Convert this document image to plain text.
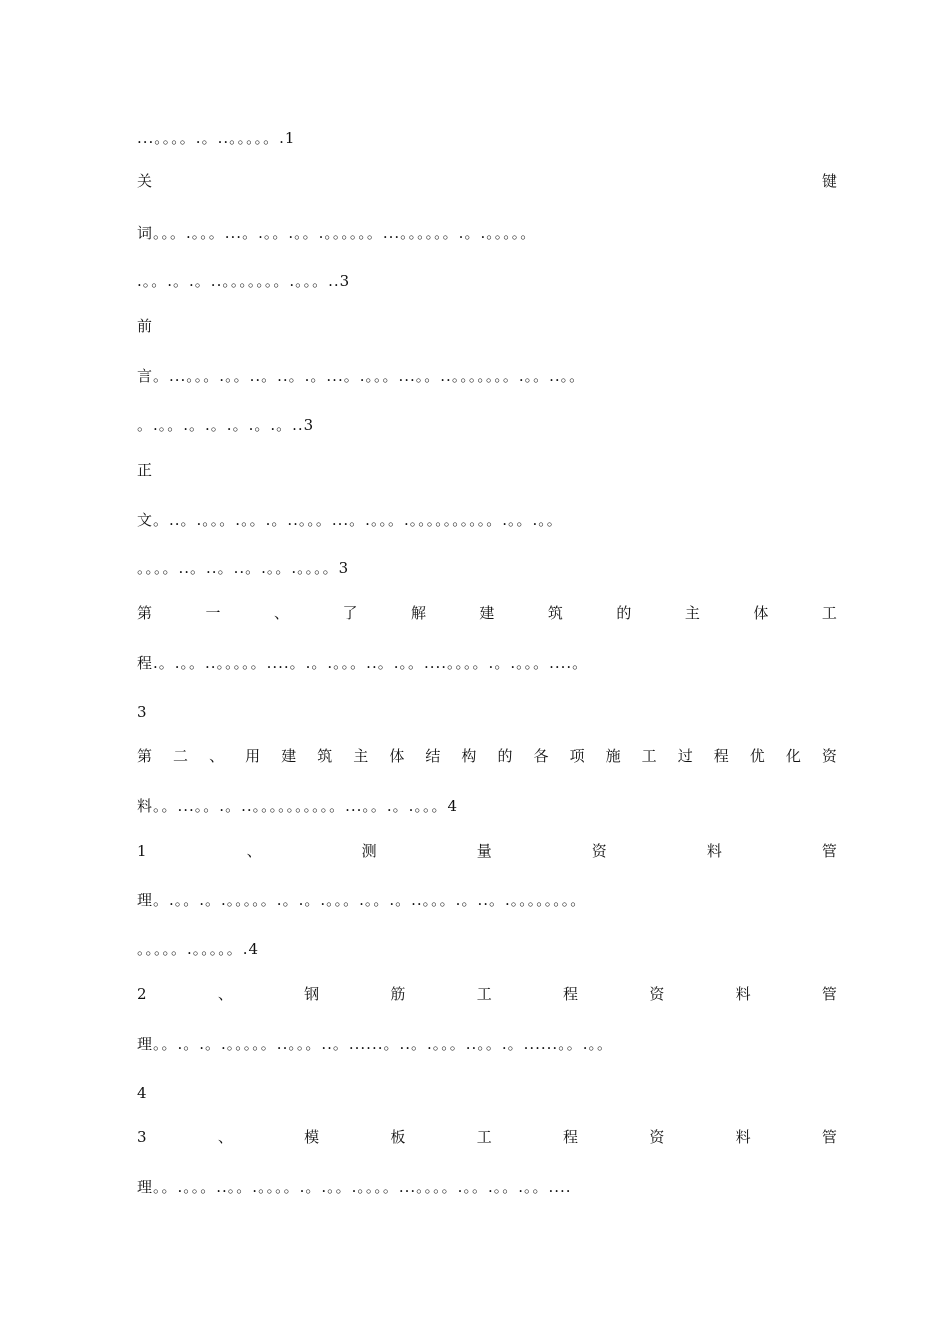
...。。。。.。..。。。。。.1
关	键
词。。。.。。。...。.。。.。。.。。。。。。...。。。。。。.。.。。。。。
.。。.。.。..。。。。。。。.。。。..3
前
言。...。。。.。。..。..。.。...。.。。。...。。..。。。。。。。.。。..。。
。.。。.。.。.。.。.。..3
正
文。..。.。。。.。。.。..。。。...。.。。。.。。。。。。。。。。.。。.。。
。。。。..。..。..。.。。.。。。。3
第	一	、	了	解	建	筑	的	主	体	工
程.。.。。..。。。。。....。.。.。。。..。.。。....。。。。.。.。。。....。
3
第 二 、 用 建 筑 主 体 结 构 的 各 项 施 工 过 程 优 化 资
料。。...。。.。..。。。。。。。。。。...。。.。.。。。4
1	、	测	量	资	料	管
理。.。。.。.。。。。。.。.。.。。。.。。.。..。。。.。..。.。。。。。。。。
。。。。。.。。。。。.4
2	、	钢	筋	工	程	资	料	管
理。。.。.。.。。。。。..。。。..。......。..。.。。。..。。.。......。。.。。
4
3	、	模	板	工	程	资	料	管
理。。.。。。..。。.。。。。.。.。。.。。。。...。。。。.。。.。。.。。....
